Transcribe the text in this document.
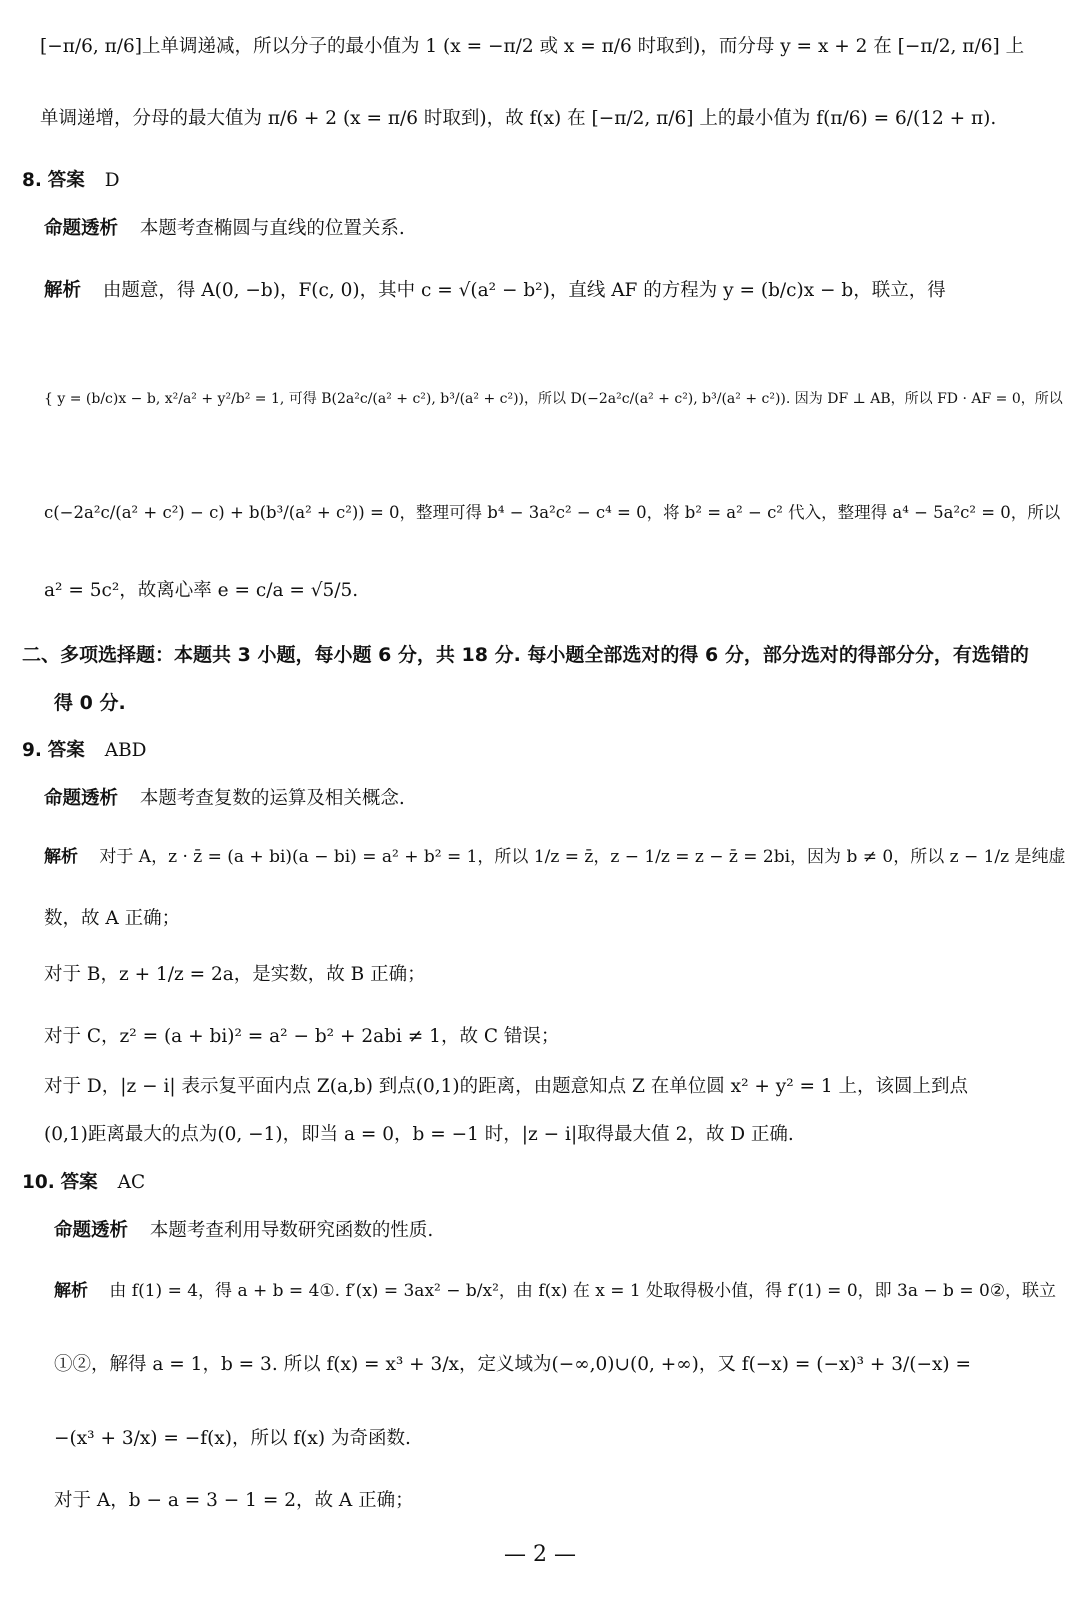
[−π/6, π/6]上单调递减，所以分子的最小值为 1 (x = −π/2 或 x = π/6 时取到)，而分母 y = x + 2 在 [−π/2, π/6] 上
单调递增，分母的最大值为 π/6 + 2 (x = π/6 时取到)，故 f(x) 在 [−π/2, π/6] 上的最小值为 f(π/6) = 6/(12 + π).
8. 答案 D
命题透析 本题考查椭圆与直线的位置关系.
解析 由题意，得 A(0, −b)，F(c, 0)，其中 c = √(a² − b²)，直线 AF 的方程为 y = (b/c)x − b，联立，得
{ y = (b/c)x − b, x²/a² + y²/b² = 1, 可得 B(2a²c/(a² + c²), b³/(a² + c²))，所以 D(−2a²c/(a² + c²), b³/(a² + c²)). 因为 DF ⊥ AB，所以 FD · AF = 0，所以
c(−2a²c/(a² + c²) − c) + b(b³/(a² + c²)) = 0，整理可得 b⁴ − 3a²c² − c⁴ = 0，将 b² = a² − c² 代入，整理得 a⁴ − 5a²c² = 0，所以
a² = 5c²，故离心率 e = c/a = √5/5.
二、多项选择题：本题共 3 小题，每小题 6 分，共 18 分. 每小题全部选对的得 6 分，部分选对的得部分分，有选错的
得 0 分.
9. 答案 ABD
命题透析 本题考查复数的运算及相关概念.
解析 对于 A，z · z̄ = (a + bi)(a − bi) = a² + b² = 1，所以 1/z = z̄，z − 1/z = z − z̄ = 2bi，因为 b ≠ 0，所以 z − 1/z 是纯虚
数，故 A 正确；
对于 B，z + 1/z = 2a，是实数，故 B 正确；
对于 C，z² = (a + bi)² = a² − b² + 2abi ≠ 1，故 C 错误；
对于 D，|z − i| 表示复平面内点 Z(a,b) 到点(0,1)的距离，由题意知点 Z 在单位圆 x² + y² = 1 上，该圆上到点
(0,1)距离最大的点为(0, −1)，即当 a = 0，b = −1 时，|z − i|取得最大值 2，故 D 正确.
10. 答案 AC
命题透析 本题考查利用导数研究函数的性质.
解析 由 f(1) = 4，得 a + b = 4①. f′(x) = 3ax² − b/x²，由 f(x) 在 x = 1 处取得极小值，得 f′(1) = 0，即 3a − b = 0②，联立
①②，解得 a = 1，b = 3. 所以 f(x) = x³ + 3/x，定义域为(−∞,0)∪(0, +∞)，又 f(−x) = (−x)³ + 3/(−x) =
−(x³ + 3/x) = −f(x)，所以 f(x) 为奇函数.
对于 A，b − a = 3 − 1 = 2，故 A 正确；
— 2 —
